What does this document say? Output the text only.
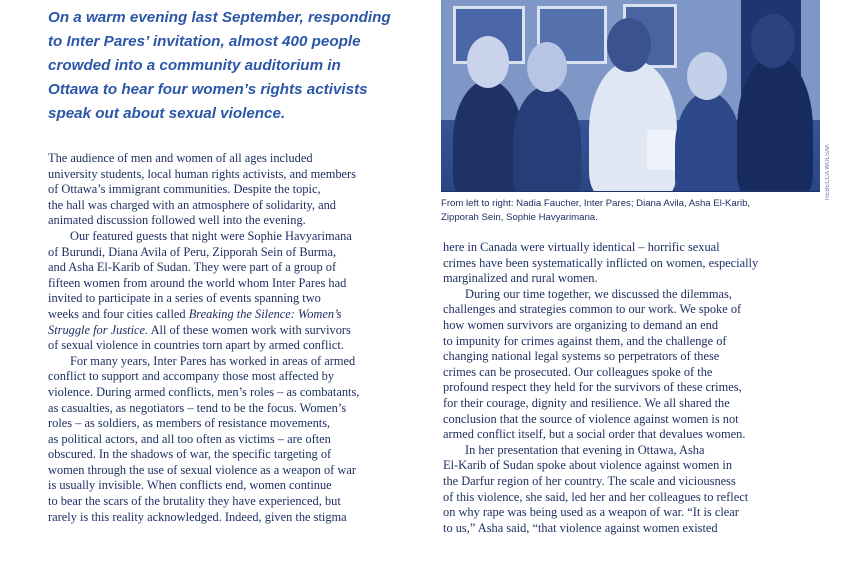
On a warm evening last September, responding

to Inter Pares’ invitation, almost 400 people

crowded into a community auditorium in

Ottawa to hear four women’s rights activists

speak out about sexual violence.

REBECCA WOLSAK

From left to right: Nadia Faucher, Inter Pares; Diana Avila, Asha El-Karib,

Zipporah Sein, Sophie Havyarimana.

The audience of men and women of all ages included

university students, local human rights activists, and members

of Ottawa’s immigrant communities. Despite the topic,

the hall was charged with an atmosphere of solidarity, and

animated discussion followed well into the evening.

Our featured guests that night were Sophie Havyarimana

of Burundi, Diana Avila of Peru, Zipporah Sein of Burma,

and Asha El-Karib of Sudan. They were part of a group of

fifteen women from around the world whom Inter Pares had

invited to participate in a series of events spanning two

weeks and four cities called Breaking the Silence: Women’s

Struggle for Justice. All of these women work with survivors

of sexual violence in countries torn apart by armed conflict.

For many years, Inter Pares has worked in areas of armed

conflict to support and accompany those most affected by

violence. During armed conflicts, men’s roles – as combatants,

as casualties, as negotiators – tend to be the focus. Women’s

roles – as soldiers, as members of resistance movements,

as political actors, and all too often as victims – are often

obscured. In the shadows of war, the specific targeting of

women through the use of sexual violence as a weapon of war

is usually invisible. When conflicts end, women continue

to bear the scars of the brutality they have experienced, but

rarely is this reality acknowledged. Indeed, given the stigma

here in Canada were virtually identical – horrific sexual

crimes have been systematically inflicted on women, especially

marginalized and rural women.

During our time together, we discussed the dilemmas,

challenges and strategies common to our work. We spoke of

how women survivors are organizing to demand an end

to impunity for crimes against them, and the challenge of

changing national legal systems so perpetrators of these

crimes can be prosecuted. Our colleagues spoke of the

profound respect they held for the survivors of these crimes,

for their courage, dignity and resilience. We all shared the

conclusion that the source of violence against women is not

armed conflict itself, but a social order that devalues women.

In her presentation that evening in Ottawa, Asha

El-Karib of Sudan spoke about violence against women in

the Darfur region of her country. The scale and viciousness

of this violence, she said, led her and her colleagues to reflect

on why rape was being used as a weapon of war. “It is clear

to us,” Asha said, “that violence against women existed
